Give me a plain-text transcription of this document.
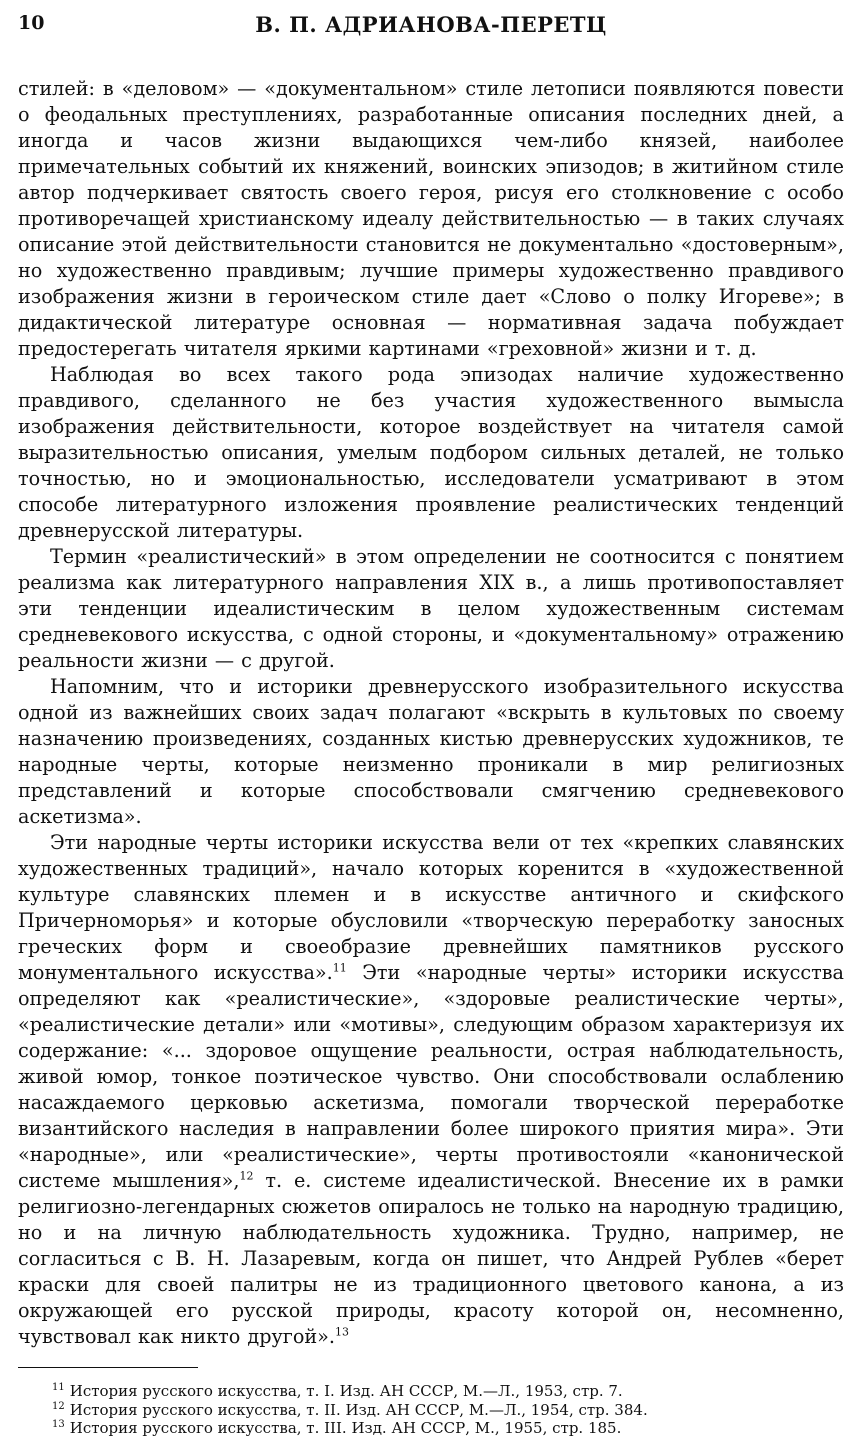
10	В. П. АДРИАНОВА-ПЕРЕТЦ

стилей: в «деловом» — «документальном» стиле летописи появляются повести о феодальных преступлениях, разработанные описания последних дней, а иногда и часов жизни выдающихся чем-либо князей, наиболее примечательных событий их княжений, воинских эпизодов; в житийном стиле автор подчеркивает святость своего героя, рисуя его столкновение с особо противоречащей христианскому идеалу действительностью — в таких случаях описание этой действительности становится не документально «достоверным», но художественно правдивым; лучшие примеры художественно правдивого изображения жизни в героическом стиле дает «Слово о полку Игореве»; в дидактической литературе основная — нормативная задача побуждает предостерегать читателя яркими картинами «греховной» жизни и т. д.

Наблюдая во всех такого рода эпизодах наличие художественно правдивого, сделанного не без участия художественного вымысла изображения действительности, которое воздействует на читателя самой выразительностью описания, умелым подбором сильных деталей, не только точностью, но и эмоциональностью, исследователи усматривают в этом способе литературного изложения проявление реалистических тенденций древнерусской литературы.

Термин «реалистический» в этом определении не соотносится с понятием реализма как литературного направления XIX в., а лишь противопоставляет эти тенденции идеалистическим в целом художественным системам средневекового искусства, с одной стороны, и «документальному» отражению реальности жизни — с другой.

Напомним, что и историки древнерусского изобразительного искусства одной из важнейших своих задач полагают «вскрыть в культовых по своему назначению произведениях, созданных кистью древнерусских художников, те народные черты, которые неизменно проникали в мир религиозных представлений и которые способствовали смягчению средневекового аскетизма».

Эти народные черты историки искусства вели от тех «крепких славянских художественных традиций», начало которых коренится в «художественной культуре славянских племен и в искусстве античного и скифского Причерноморья» и которые обусловили «творческую переработку заносных греческих форм и своеобразие древнейших памятников русского монументального искусства».$^{11}$ Эти «народные черты» историки искусства определяют как «реалистические», «здоровые реалистические черты», «реалистические детали» или «мотивы», следующим образом характеризуя их содержание: «... здоровое ощущение реальности, острая наблюдательность, живой юмор, тонкое поэтическое чувство. Они способствовали ослаблению насаждаемого церковью аскетизма, помогали творческой переработке византийского наследия в направлении более широкого приятия мира». Эти «народные», или «реалистические», черты противостояли «канонической системе мышления»,$^{12}$ т. е. системе идеалистической. Внесение их в рамки религиозно-легендарных сюжетов опиралось не только на народную традицию, но и на личную наблюдательность художника. Трудно, например, не согласиться с В. Н. Лазаревым, когда он пишет, что Андрей Рублев «берет краски для своей палитры не из традиционного цветового канона, а из окружающей его русской природы, красоту которой он, несомненно, чувствовал как никто другой».$^{13}$

$^{11}$ История русского искусства, т. I. Изд. АН СССР, М.—Л., 1953, стр. 7.

$^{12}$ История русского искусства, т. II. Изд. АН СССР, М.—Л., 1954, стр. 384.

$^{13}$ История русского искусства, т. III. Изд. АН СССР, М., 1955, стр. 185.
